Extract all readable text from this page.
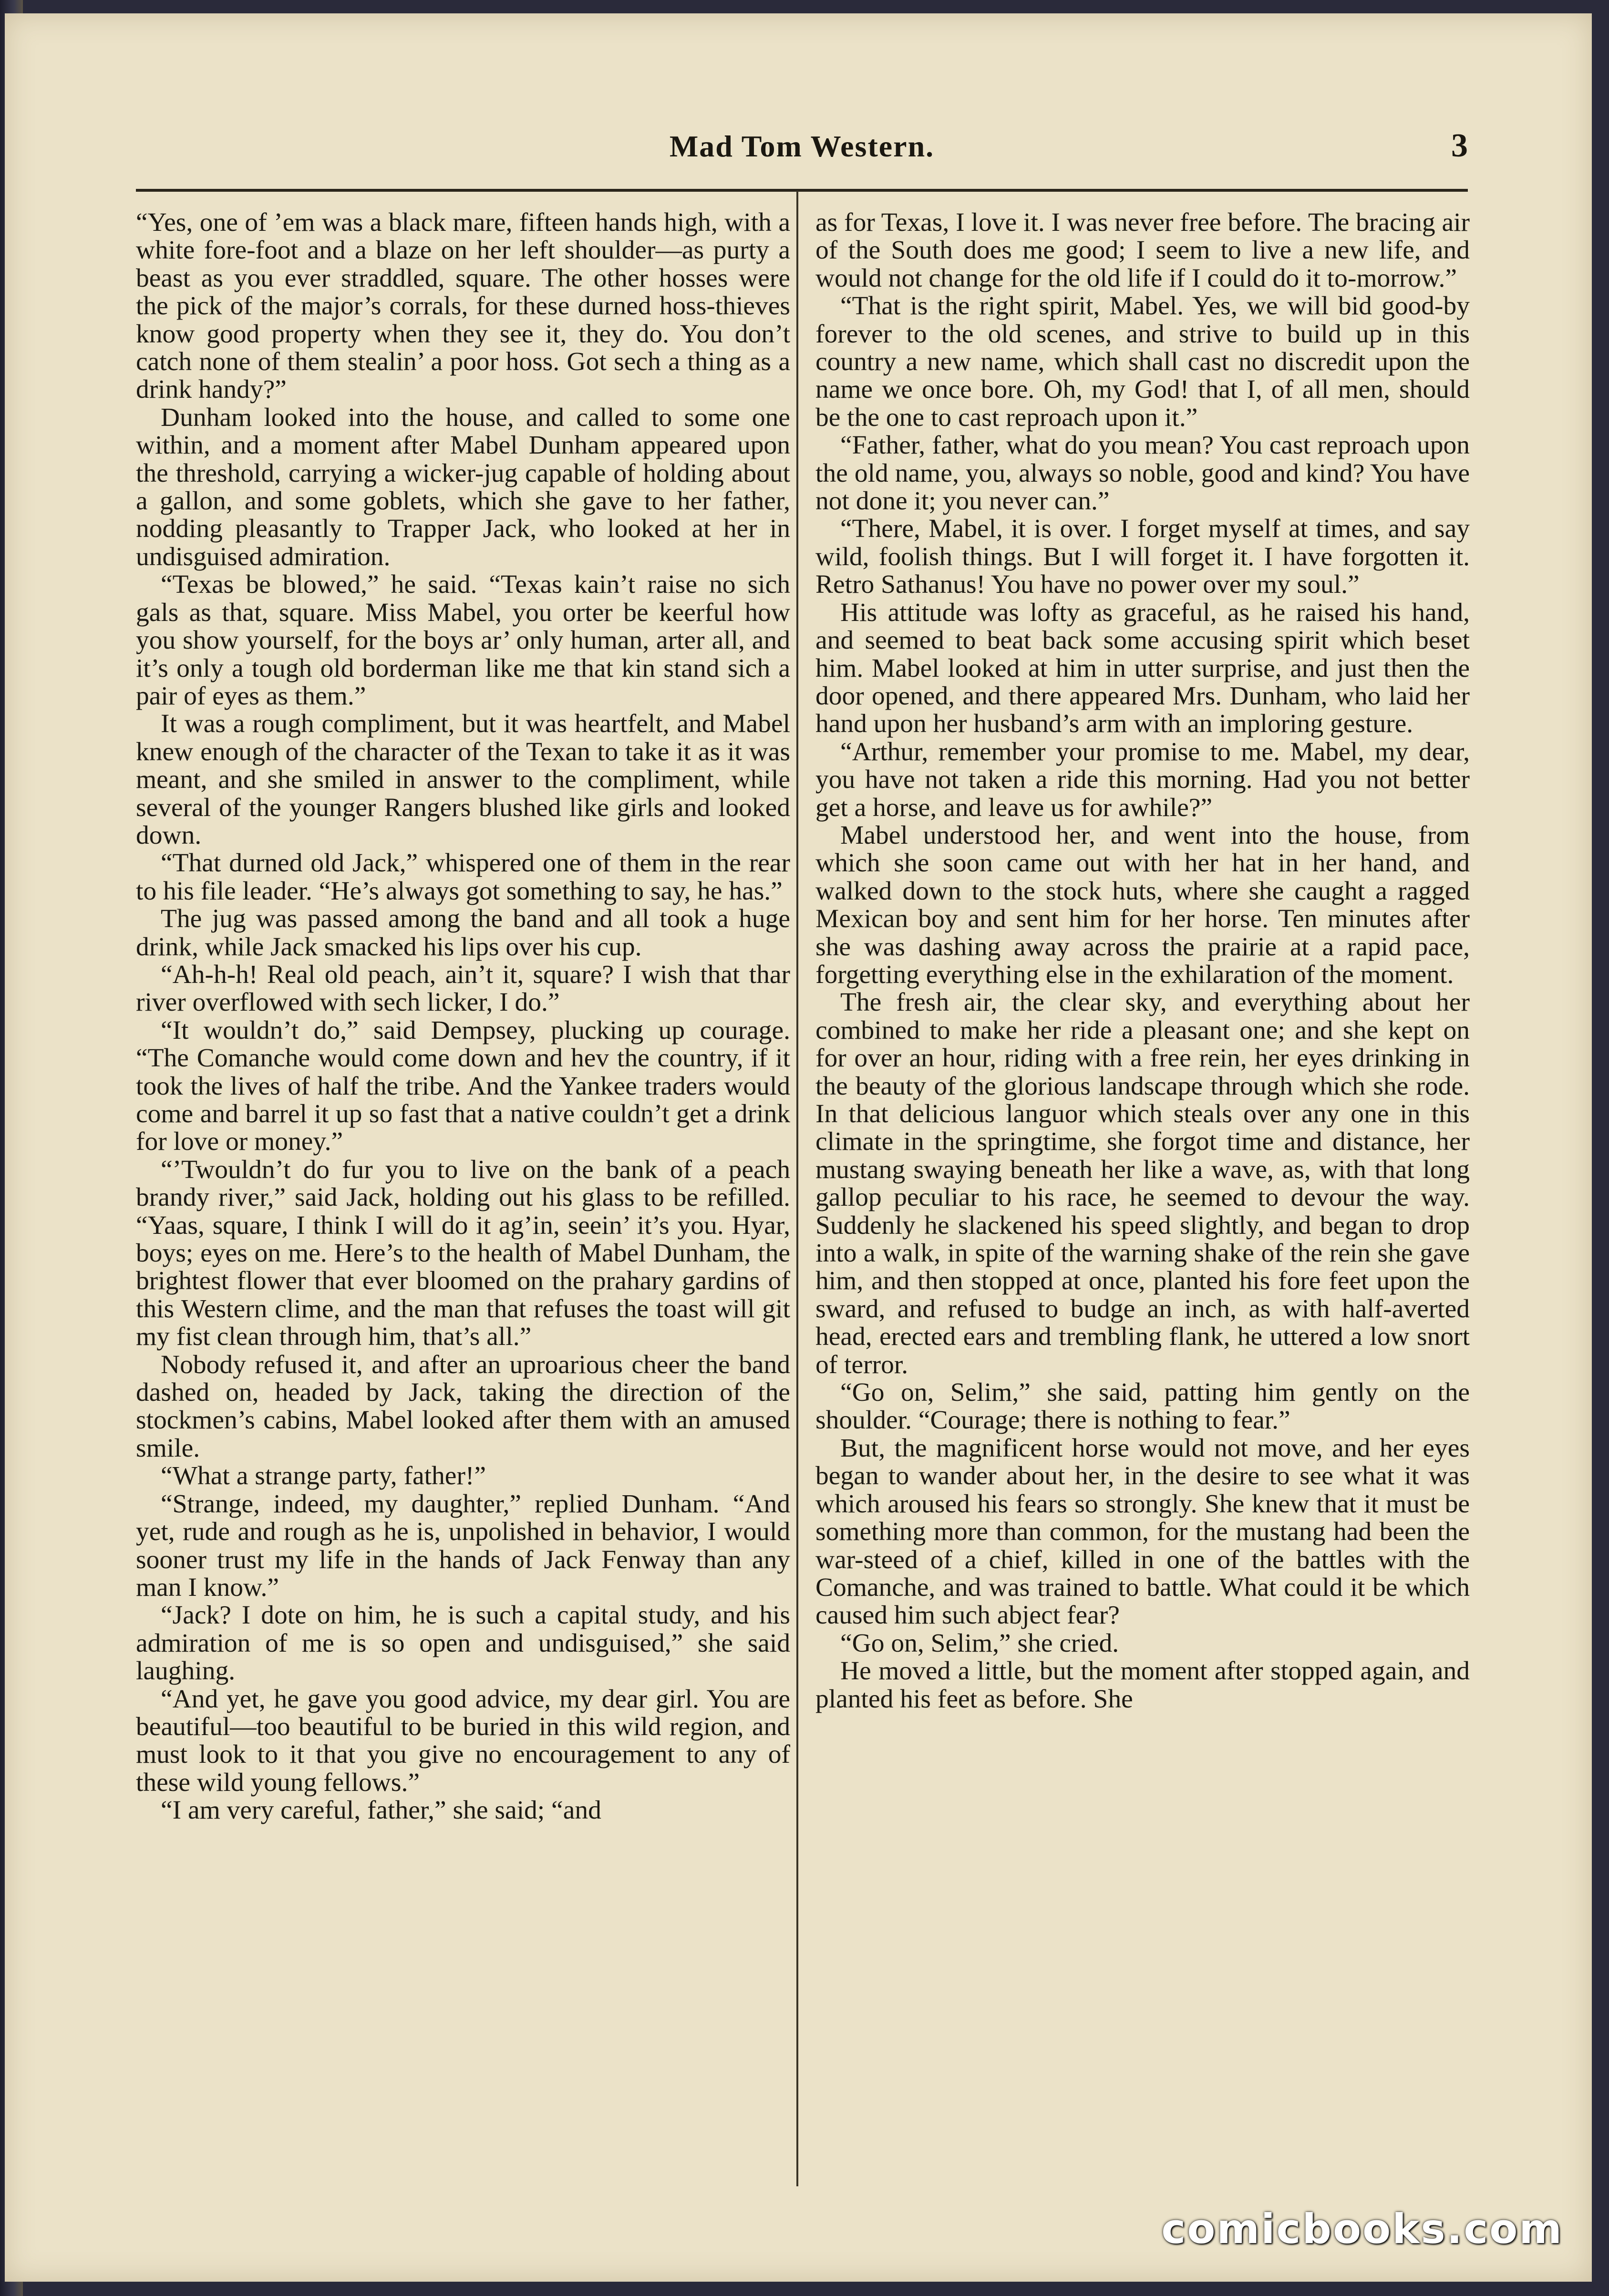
Mad Tom Western.	3

“Yes, one of ’em was a black mare, fifteen hands high, with a white fore-foot and a blaze on her left shoulder—as purty a beast as you ever straddled, square. The other hosses were the pick of the major’s corrals, for these durned hoss-thieves know good property when they see it, they do. You don’t catch none of them stealin’ a poor hoss. Got sech a thing as a drink handy?”

Dunham looked into the house, and called to some one within, and a moment after Mabel Dunham appeared upon the threshold, carrying a wicker-jug capable of holding about a gallon, and some goblets, which she gave to her father, nodding pleasantly to Trapper Jack, who looked at her in undisguised admiration.

“Texas be blowed,” he said. “Texas kain’t raise no sich gals as that, square. Miss Mabel, you orter be keerful how you show yourself, for the boys ar’ only human, arter all, and it’s only a tough old borderman like me that kin stand sich a pair of eyes as them.”

It was a rough compliment, but it was heartfelt, and Mabel knew enough of the character of the Texan to take it as it was meant, and she smiled in answer to the compliment, while several of the younger Rangers blushed like girls and looked down.

“That durned old Jack,” whispered one of them in the rear to his file leader. “He’s always got something to say, he has.”

The jug was passed among the band and all took a huge drink, while Jack smacked his lips over his cup.

“Ah-h-h! Real old peach, ain’t it, square? I wish that thar river overflowed with sech licker, I do.”

“It wouldn’t do,” said Dempsey, plucking up courage. “The Comanche would come down and hev the country, if it took the lives of half the tribe. And the Yankee traders would come and barrel it up so fast that a native couldn’t get a drink for love or money.”

“’Twouldn’t do fur you to live on the bank of a peach brandy river,” said Jack, holding out his glass to be refilled. “Yaas, square, I think I will do it ag’in, seein’ it’s you. Hyar, boys; eyes on me. Here’s to the health of Mabel Dunham, the brightest flower that ever bloomed on the prahary gardins of this Western clime, and the man that refuses the toast will git my fist clean through him, that’s all.”

Nobody refused it, and after an uproarious cheer the band dashed on, headed by Jack, taking the direction of the stockmen’s cabins, Mabel looked after them with an amused smile.

“What a strange party, father!”

“Strange, indeed, my daughter,” replied Dunham. “And yet, rude and rough as he is, unpolished in behavior, I would sooner trust my life in the hands of Jack Fenway than any man I know.”

“Jack? I dote on him, he is such a capital study, and his admiration of me is so open and undisguised,” she said laughing.

“And yet, he gave you good advice, my dear girl. You are beautiful—too beautiful to be buried in this wild region, and must look to it that you give no encouragement to any of these wild young fellows.”

“I am very careful, father,” she said; “and

as for Texas, I love it. I was never free before. The bracing air of the South does me good; I seem to live a new life, and would not change for the old life if I could do it to-morrow.”

“That is the right spirit, Mabel. Yes, we will bid good-by forever to the old scenes, and strive to build up in this country a new name, which shall cast no discredit upon the name we once bore. Oh, my God! that I, of all men, should be the one to cast reproach upon it.”

“Father, father, what do you mean? You cast reproach upon the old name, you, always so noble, good and kind? You have not done it; you never can.”

“There, Mabel, it is over. I forget myself at times, and say wild, foolish things. But I will forget it. I have forgotten it. Retro Sathanus! You have no power over my soul.”

His attitude was lofty as graceful, as he raised his hand, and seemed to beat back some accusing spirit which beset him. Mabel looked at him in utter surprise, and just then the door opened, and there appeared Mrs. Dunham, who laid her hand upon her husband’s arm with an imploring gesture.

“Arthur, remember your promise to me. Mabel, my dear, you have not taken a ride this morning. Had you not better get a horse, and leave us for awhile?”

Mabel understood her, and went into the house, from which she soon came out with her hat in her hand, and walked down to the stock huts, where she caught a ragged Mexican boy and sent him for her horse. Ten minutes after she was dashing away across the prairie at a rapid pace, forgetting everything else in the exhilaration of the moment.

The fresh air, the clear sky, and everything about her combined to make her ride a pleasant one; and she kept on for over an hour, riding with a free rein, her eyes drinking in the beauty of the glorious landscape through which she rode. In that delicious languor which steals over any one in this climate in the springtime, she forgot time and distance, her mustang swaying beneath her like a wave, as, with that long gallop peculiar to his race, he seemed to devour the way. Suddenly he slackened his speed slightly, and began to drop into a walk, in spite of the warning shake of the rein she gave him, and then stopped at once, planted his fore feet upon the sward, and refused to budge an inch, as with half-averted head, erected ears and trembling flank, he uttered a low snort of terror.

“Go on, Selim,” she said, patting him gently on the shoulder. “Courage; there is nothing to fear.”

But, the magnificent horse would not move, and her eyes began to wander about her, in the desire to see what it was which aroused his fears so strongly. She knew that it must be something more than common, for the mustang had been the war-steed of a chief, killed in one of the battles with the Comanche, and was trained to battle. What could it be which caused him such abject fear?

“Go on, Selim,” she cried.

He moved a little, but the moment after stopped again, and planted his feet as before. She

comicbooks.com
